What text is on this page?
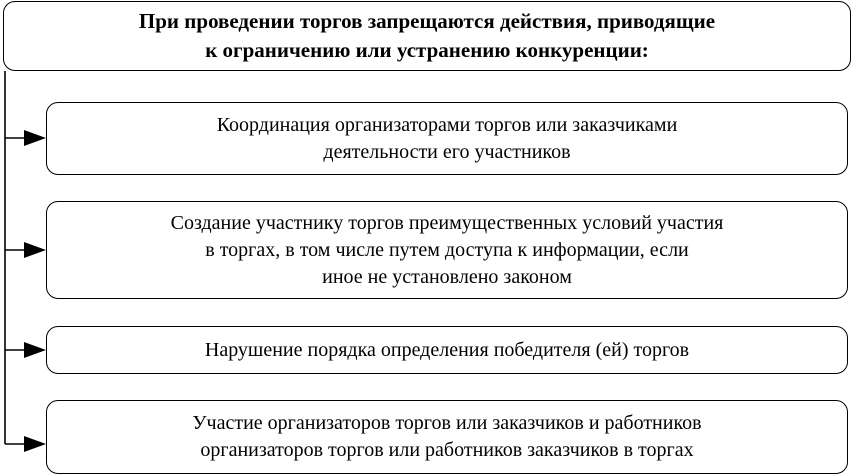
При проведении торгов запрещаются действия, приводящие
к ограничению или устранению конкуренции:
Координация организаторами торгов или заказчиками
деятельности его участников
Создание участнику торгов преимущественных условий участия
в торгах, в том числе путем доступа к информации, если
иное не установлено законом
Нарушение порядка определения победителя (ей) торгов
Участие организаторов торгов или заказчиков и работников
организаторов торгов или работников заказчиков в торгах
